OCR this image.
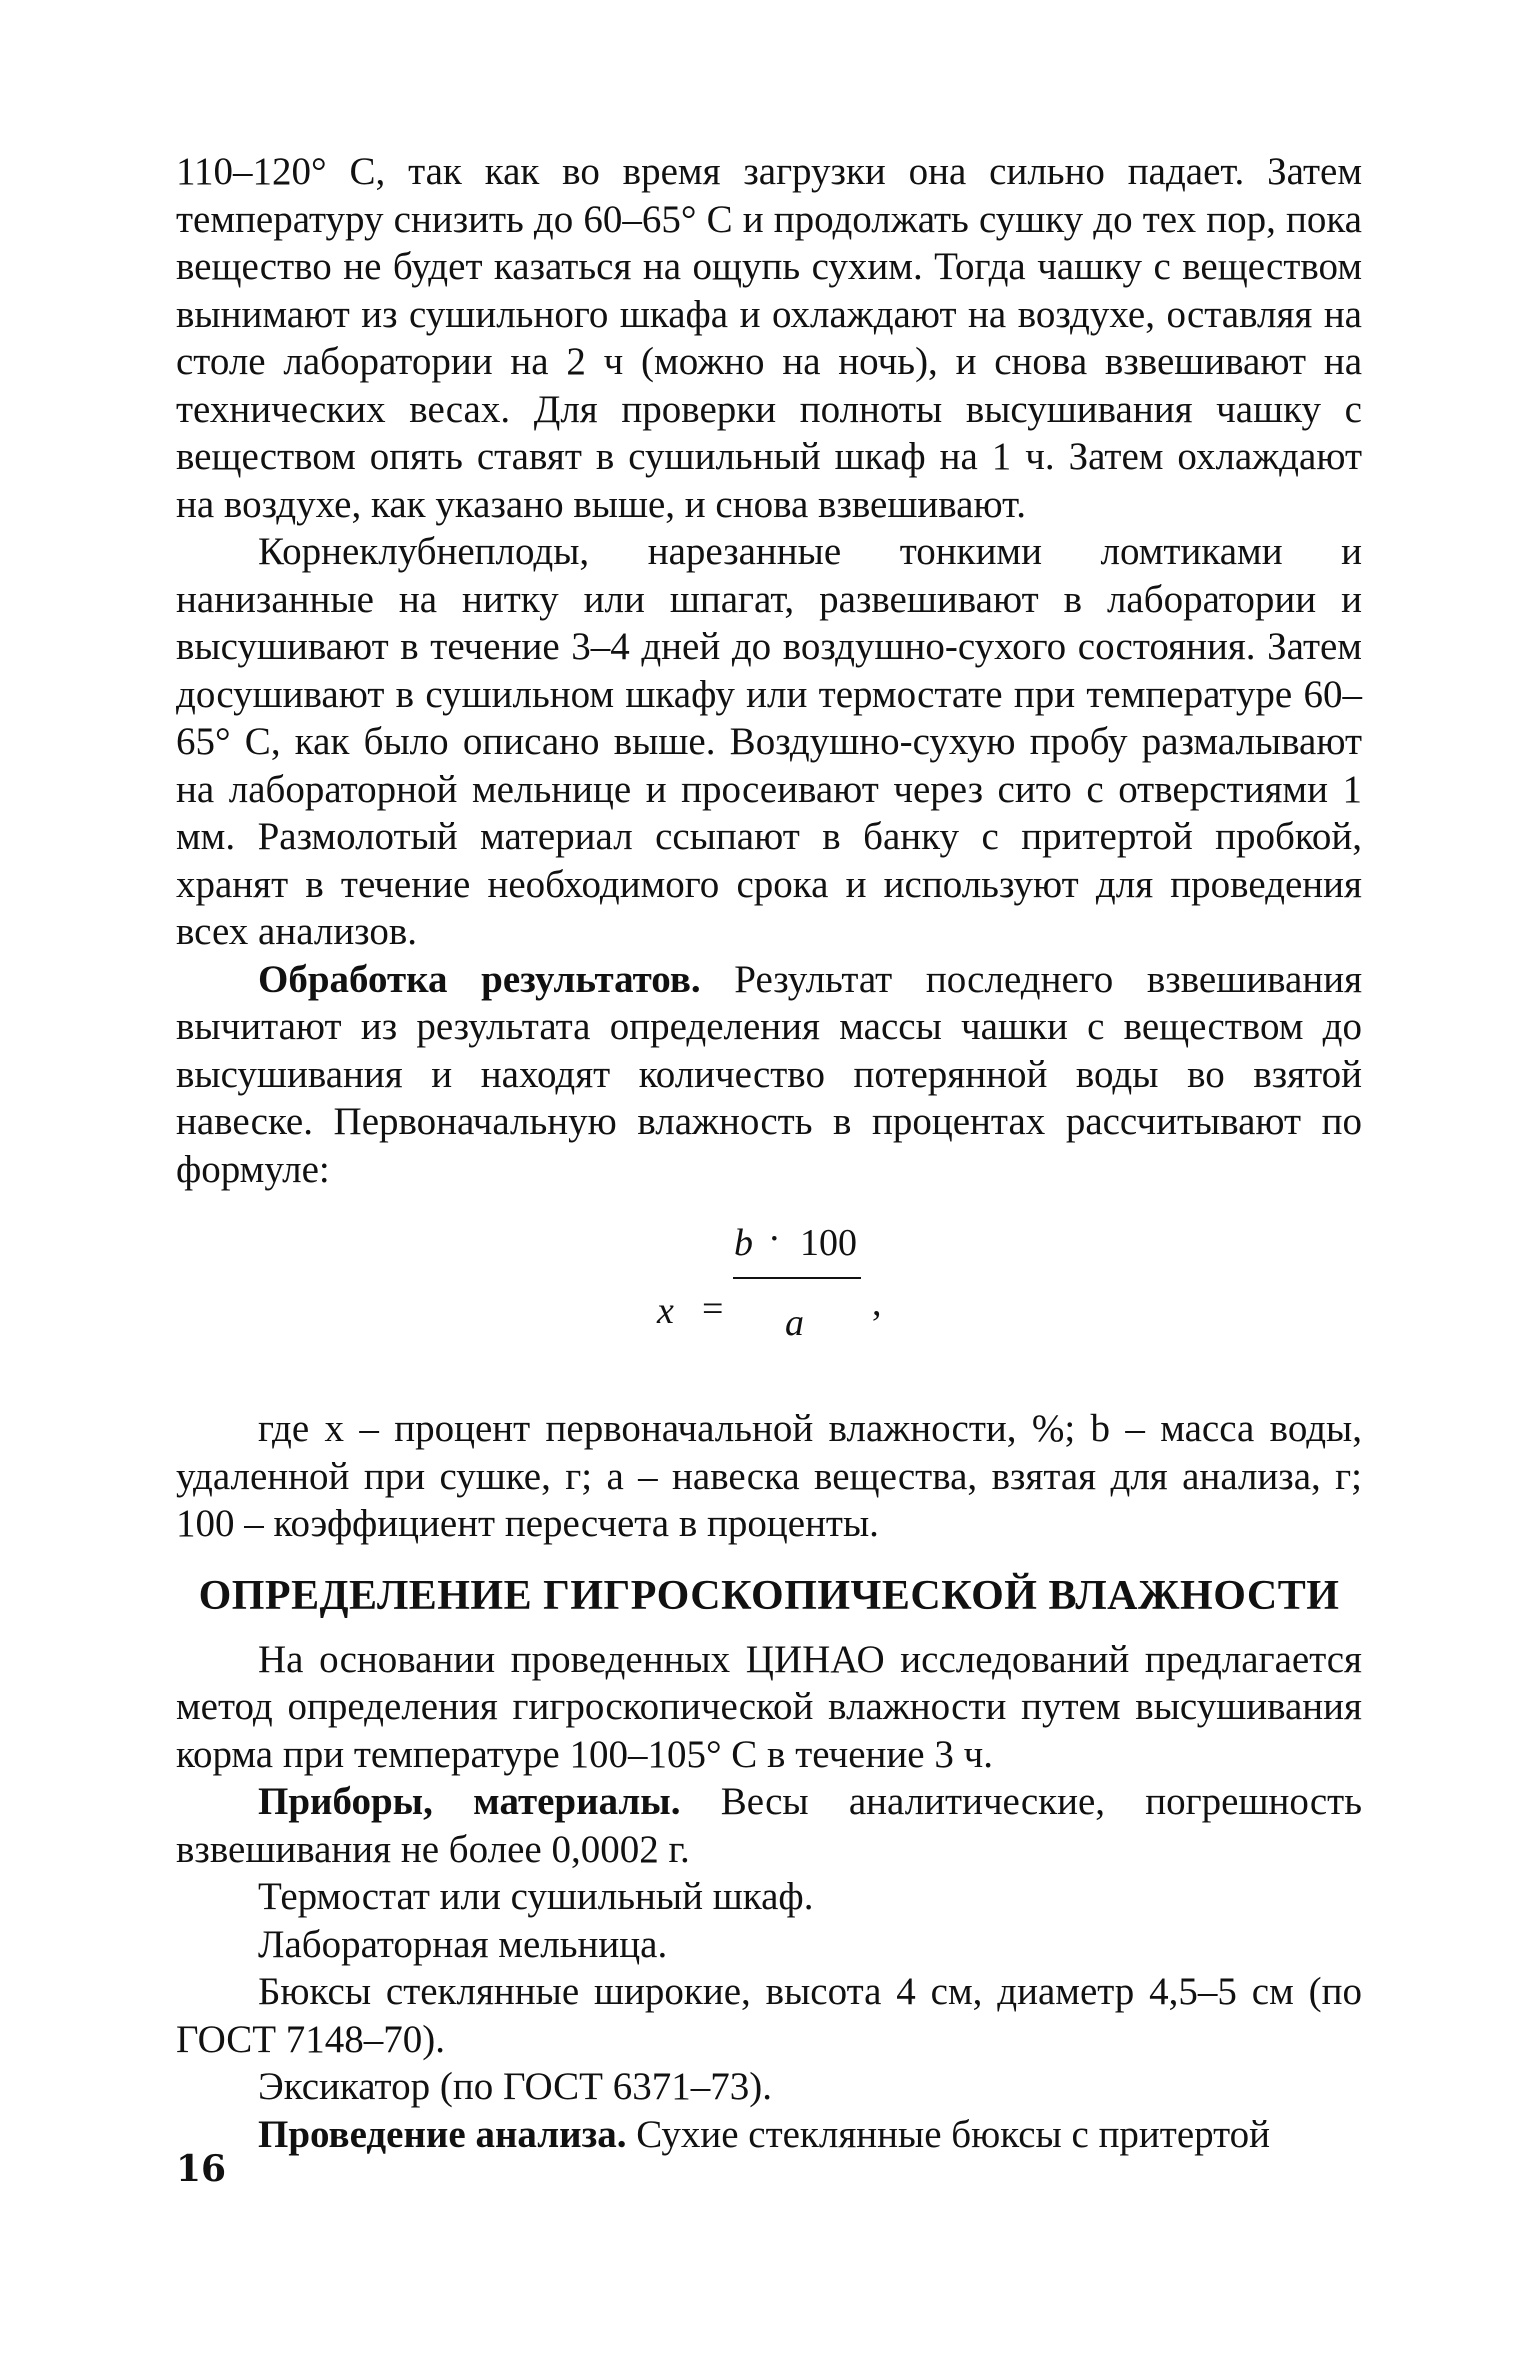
110–120° С, так как во время загрузки она сильно падает. Затем температуру снизить до 60–65° С и продолжать сушку до тех пор, пока вещество не будет казаться на ощупь сухим. Тогда чашку с веществом вынимают из сушильного шкафа и охлаждают на воздухе, оставляя на столе лаборатории на 2 ч (можно на ночь), и снова взвешивают на технических весах. Для проверки полноты высушивания чашку с веществом опять ставят в сушильный шкаф на 1 ч. Затем охлаждают на воздухе, как указано выше, и снова взвешивают.

Корнеклубнеплоды, нарезанные тонкими ломтиками и нанизанные на нитку или шпагат, развешивают в лаборатории и высушивают в течение 3–4 дней до воздушно-сухого состояния. Затем досушивают в сушильном шкафу или термостате при температуре 60–65° С, как было описано выше. Воздушно-сухую пробу размалывают на лабораторной мельнице и просеивают через сито с отверстиями 1 мм. Размолотый материал ссыпают в банку с притертой пробкой, хранят в течение необходимого срока и используют для проведения всех анализов.

Обработка результатов. Результат последнего взвешивания вычитают из результата определения массы чашки с веществом до высушивания и находят количество потерянной воды во взятой навеске. Первоначальную влажность в процентах рассчитывают по формуле:

x =
b · 100
a ,

где x – процент первоначальной влажности, %; b – масса воды, удаленной при сушке, г; a – навеска вещества, взятая для анализа, г; 100 – коэффициент пересчета в проценты.

ОПРЕДЕЛЕНИЕ ГИГРОСКОПИЧЕСКОЙ ВЛАЖНОСТИ

На основании проведенных ЦИНАО исследований предлагается метод определения гигроскопической влажности путем высушивания корма при температуре 100–105° С в течение 3 ч.

Приборы, материалы. Весы аналитические, погрешность взвешивания не более 0,0002 г.

Термостат или сушильный шкаф.

Лабораторная мельница.

Бюксы стеклянные широкие, высота 4 см, диаметр 4,5–5 см (по ГОСТ 7148–70).

Эксикатор (по ГОСТ 6371–73).

Проведение анализа. Сухие стеклянные бюксы с притертой

16
